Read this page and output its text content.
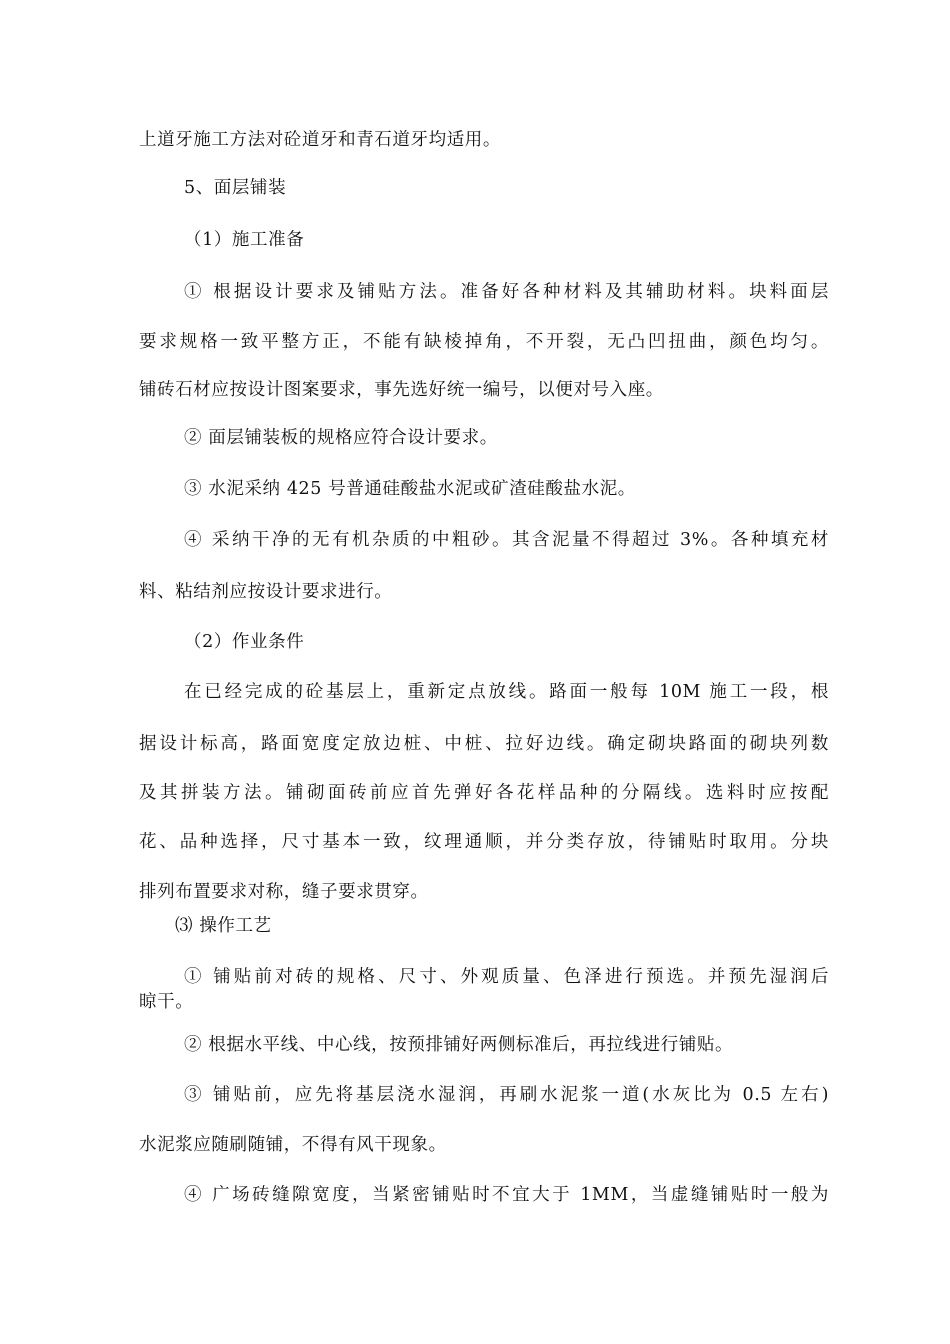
上道牙施工方法对砼道牙和青石道牙均适用。
5、面层铺装
（1）施工准备
① 根据设计要求及铺贴方法。准备好各种材料及其辅助材料。块料面层
要求规格一致平整方正，不能有缺棱掉角，不开裂，无凸凹扭曲，颜色均匀。
铺砖石材应按设计图案要求，事先选好统一编号，以便对号入座。
② 面层铺装板的规格应符合设计要求。
③ 水泥采纳 425 号普通硅酸盐水泥或矿渣硅酸盐水泥。
④ 采纳干净的无有机杂质的中粗砂。其含泥量不得超过 3%。各种填充材
料、粘结剂应按设计要求进行。
（2）作业条件
在已经完成的砼基层上，重新定点放线。路面一般每 10M 施工一段，根
据设计标高，路面宽度定放边桩、中桩、拉好边线。确定砌块路面的砌块列数
及其拼装方法。铺砌面砖前应首先弹好各花样品种的分隔线。选料时应按配
花、品种选择，尺寸基本一致，纹理通顺，并分类存放，待铺贴时取用。分块
排列布置要求对称，缝子要求贯穿。
⑶ 操作工艺
① 铺贴前对砖的规格、尺寸、外观质量、色泽进行预选。并预先湿润后
晾干。
② 根据水平线、中心线，按预排铺好两侧标准后，再拉线进行铺贴。
③ 铺贴前，应先将基层浇水湿润，再刷水泥浆一道(水灰比为 0.5 左右)
水泥浆应随刷随铺，不得有风干现象。
④ 广场砖缝隙宽度，当紧密铺贴时不宜大于 1MM，当虚缝铺贴时一般为
